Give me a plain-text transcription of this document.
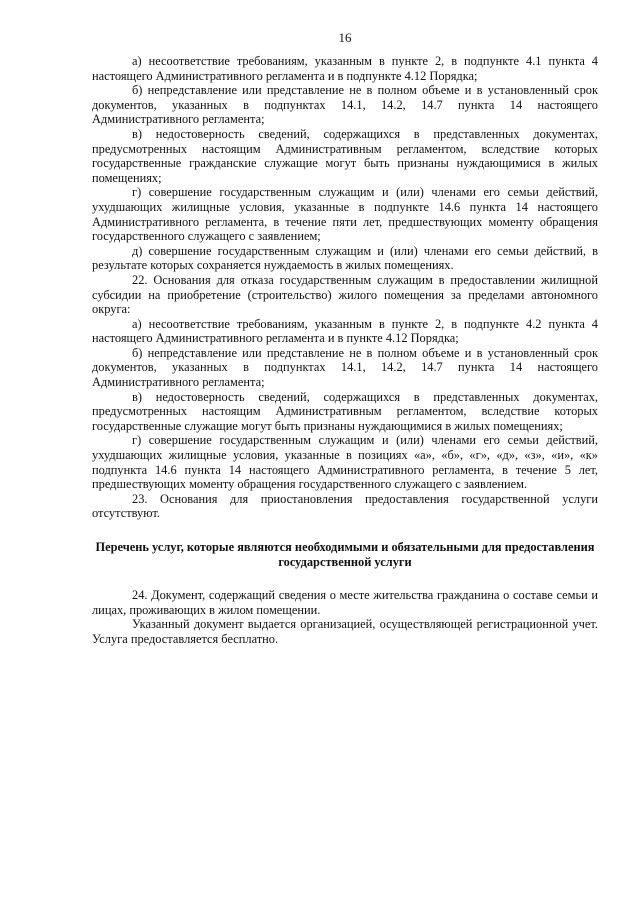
16

а) несоответствие требованиям, указанным в пункте 2, в подпункте 4.1 пункта 4 настоящего Административного регламента и в подпункте 4.12 Порядка;

б) непредставление или представление не в полном объеме и в установленный срок документов, указанных в подпунктах 14.1, 14.2, 14.7 пункта 14 настоящего Административного регламента;

в) недостоверность сведений, содержащихся в представленных документах, предусмотренных настоящим Административным регламентом, вследствие которых государственные гражданские служащие могут быть признаны нуждающимися в жилых помещениях;

г) совершение государственным служащим и (или) членами его семьи действий, ухудшающих жилищные условия, указанные в подпункте 14.6 пункта 14 настоящего Административного регламента, в течение пяти лет, предшествующих моменту обращения государственного служащего с заявлением;

д) совершение государственным служащим и (или) членами его семьи действий, в результате которых сохраняется нуждаемость в жилых помещениях.

22. Основания для отказа государственным служащим в предоставлении жилищной субсидии на приобретение (строительство) жилого помещения за пределами автономного округа:

а) несоответствие требованиям, указанным в пункте 2, в подпункте 4.2 пункта 4 настоящего Административного регламента и в пункте 4.12 Порядка;

б) непредставление или представление не в полном объеме и в установленный срок документов, указанных в подпунктах 14.1, 14.2, 14.7 пункта 14 настоящего Административного регламента;

в) недостоверность сведений, содержащихся в представленных документах, предусмотренных настоящим Административным регламентом, вследствие которых государственные служащие могут быть признаны нуждающимися в жилых помещениях;

г) совершение государственным служащим и (или) членами его семьи действий, ухудшающих жилищные условия, указанные в позициях «а», «б», «г», «д», «з», «и», «к» подпункта 14.6 пункта 14 настоящего Административного регламента, в течение 5 лет, предшествующих моменту обращения государственного служащего с заявлением.

23. Основания для приостановления предоставления государственной услуги отсутствуют.

Перечень услуг, которые являются необходимыми и обязательными для предоставления государственной услуги

24. Документ, содержащий сведения о месте жительства гражданина о составе семьи и лицах, проживающих в жилом помещении.

Указанный документ выдается организацией, осуществляющей регистрационной учет. Услуга предоставляется бесплатно.
